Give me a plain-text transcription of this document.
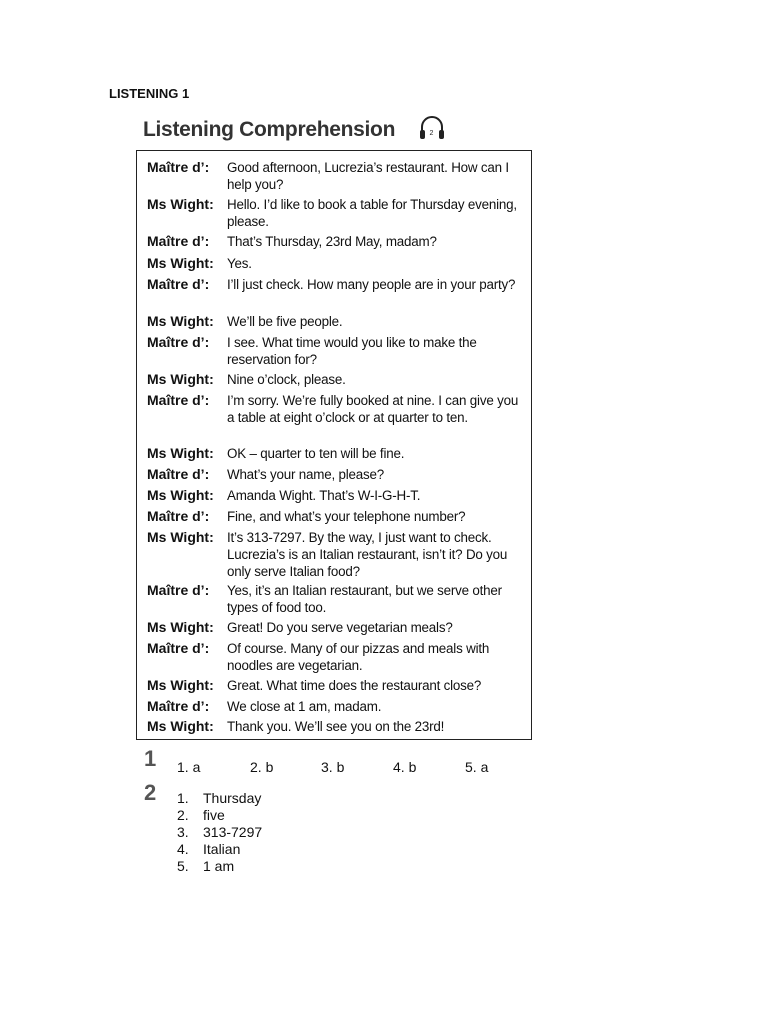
LISTENING 1
Listening Comprehension	2
Maître d’:	Good afternoon, Lucrezia’s restaurant. How can I help you?
Ms Wight: Hello. I’d like to book a table for Thursday evening, please.
Maître d’:	That’s Thursday, 23rd May, madam?
Ms Wight: Yes.
Maître d’:	I’ll just check. How many people are in your party?
Ms Wight: We’ll be five people.
Maître d’:	I see. What time would you like to make the reservation for?
Ms Wight: Nine o’clock, please.
Maître d’:	I’m sorry. We’re fully booked at nine. I can give you a table at eight o’clock or at quarter to ten.
Ms Wight: OK – quarter to ten will be fine.
Maître d’:	What’s your name, please?
Ms Wight: Amanda Wight. That’s W-I-G-H-T.
Maître d’:	Fine, and what’s your telephone number?
Ms Wight: It’s 313-7297. By the way, I just want to check. Lucrezia’s is an Italian restaurant, isn’t it? Do you only serve Italian food?
Maître d’:	Yes, it’s an Italian restaurant, but we serve other types of food too.
Ms Wight: Great! Do you serve vegetarian meals?
Maître d’:	Of course. Many of our pizzas and meals with noodles are vegetarian.
Ms Wight: Great. What time does the restaurant close?
Maître d’:	We close at 1 am, madam.
Ms Wight: Thank you. We’ll see you on the 23rd!
1 1. a	2. b	3. b	4. b	5. a
2 1.	Thursday
2.	five
3.	313-7297
4.	Italian
5.	1 am
